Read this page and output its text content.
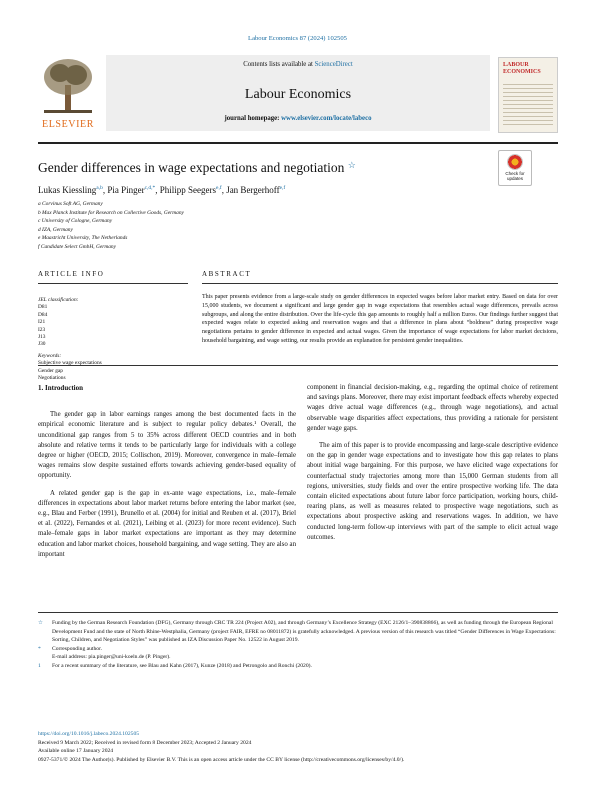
Labour Economics 87 (2024) 102505
ELSEVIER
Contents lists available at ScienceDirect
Labour Economics
journal homepage: www.elsevier.com/locate/labeco
LABOUR ECONOMICS
Gender differences in wage expectations and negotiation ☆
Check for updates
Lukas Kiessling$^{a,b}$, Pia Pinger$^{c,d,*}$, Philipp Seegers$^{e,f}$, Jan Bergerhoff$^{e,f}$
a Corvinus Soft AG, Germany
b Max Planck Institute for Research on Collective Goods, Germany
c University of Cologne, Germany
d IZA, Germany
e Maastricht University, The Netherlands
f Candidate Select GmbH, Germany
ARTICLE INFO	ABSTRACT
JEL classification:
D81
D84
I21
I23
J13
J30
Keywords:
Subjective wage expectations
Gender gap
Negotiations
This paper presents evidence from a large-scale study on gender differences in expected wages before labor market entry. Based on data for over 15,000 students, we document a significant and large gender gap in wage expectations that resembles actual wage differences, prevails across subgroups, and along the entire distribution. Over the life-cycle this gap amounts to roughly half a million Euros. Our findings further suggest that expected wages relate to expected asking and reservation wages and that a difference in plans about “boldness” during prospective wage negotiations pertains to gender difference in expected and actual wages. Given the importance of wage expectations for labor market decisions, household bargaining, and wage setting, our results provide an explanation for persistent gender inequalities.

1. Introduction

The gender gap in labor earnings ranges among the best documented facts in the empirical economic literature and is subject to regular policy debates.¹ Overall, the unconditional gap ranges from 5 to 35% across different OECD countries and in both absolute and relative terms it tends to be particularly large for individuals with a college degree or higher (OECD, 2015; Collischon, 2019). Moreover, convergence in male–female wages remains slow despite sustained efforts towards achieving gender-based equality of opportunity.

A related gender gap is the gap in ex-ante wage expectations, i.e., male–female differences in expectations about labor market returns before entering the labor market (see, e.g., Blau and Ferber (1991), Brunello et al. (2004) for initial and Reuben et al. (2017), Briel et al. (2022), Fernandes et al. (2021), Leibing et al. (2023) for more recent evidence). Such male–female gaps in labor market expectations are important as they may determine education and labor market choices, household bargaining, and wage setting. They are also an important

component in financial decision-making, e.g., regarding the optimal choice of retirement and savings plans. Moreover, there may exist important feedback effects whereby expected wages drive actual wage differences (e.g., through wage negotiations), and actual observable wage disparities affect expectations, thus providing a rationale for persistent gender wage gaps.

The aim of this paper is to provide encompassing and large-scale descriptive evidence on the gap in gender wage expectations and to investigate how this gap relates to plans about initial wage bargaining. For this purpose, we have elicited wage expectations for counterfactual study trajectories among more than 15,000 German students from all regions, universities, study fields and over the entire prospective working life. The data contain elicited expectations about future labor force participation, working hours, child-rearing plans, as well as measures related to prospective wage negotiations, such as expectations about prospective asking and reservations wages. In addition, we have conducted long-term follow-up interviews with part of the sample to elicit actual wage outcomes.

☆ Funding by the German Research Foundation (DFG), Germany through CRC TR 224 (Project A02), and through Germany’s Excellence Strategy (EXC 2126/1–390838866), as well as funding through the European Regional Development Fund and the state of North Rhine-Westphalia, Germany (project FAIR, EFRE no 08011872) is gratefully acknowledged. A previous version of this research was titled “Gender Differences in Wage Expectations: Sorting, Children, and Negotiation Styles” was published as IZA Discussion Paper No. 12522 in August 2019.
* Corresponding author.
E-mail address: pia.pinger@uni-koeln.de (P. Pinger).
1 For a recent summary of the literature, see Blau and Kahn (2017), Kunze (2018) and Petrongolo and Ronchi (2020).
https://doi.org/10.1016/j.labeco.2024.102505
Received 9 March 2022; Received in revised form 8 December 2023; Accepted 2 January 2024
Available online 17 January 2024
0927-5371/© 2024 The Author(s). Published by Elsevier B.V. This is an open access article under the CC BY license (http://creativecommons.org/licenses/by/4.0/).
